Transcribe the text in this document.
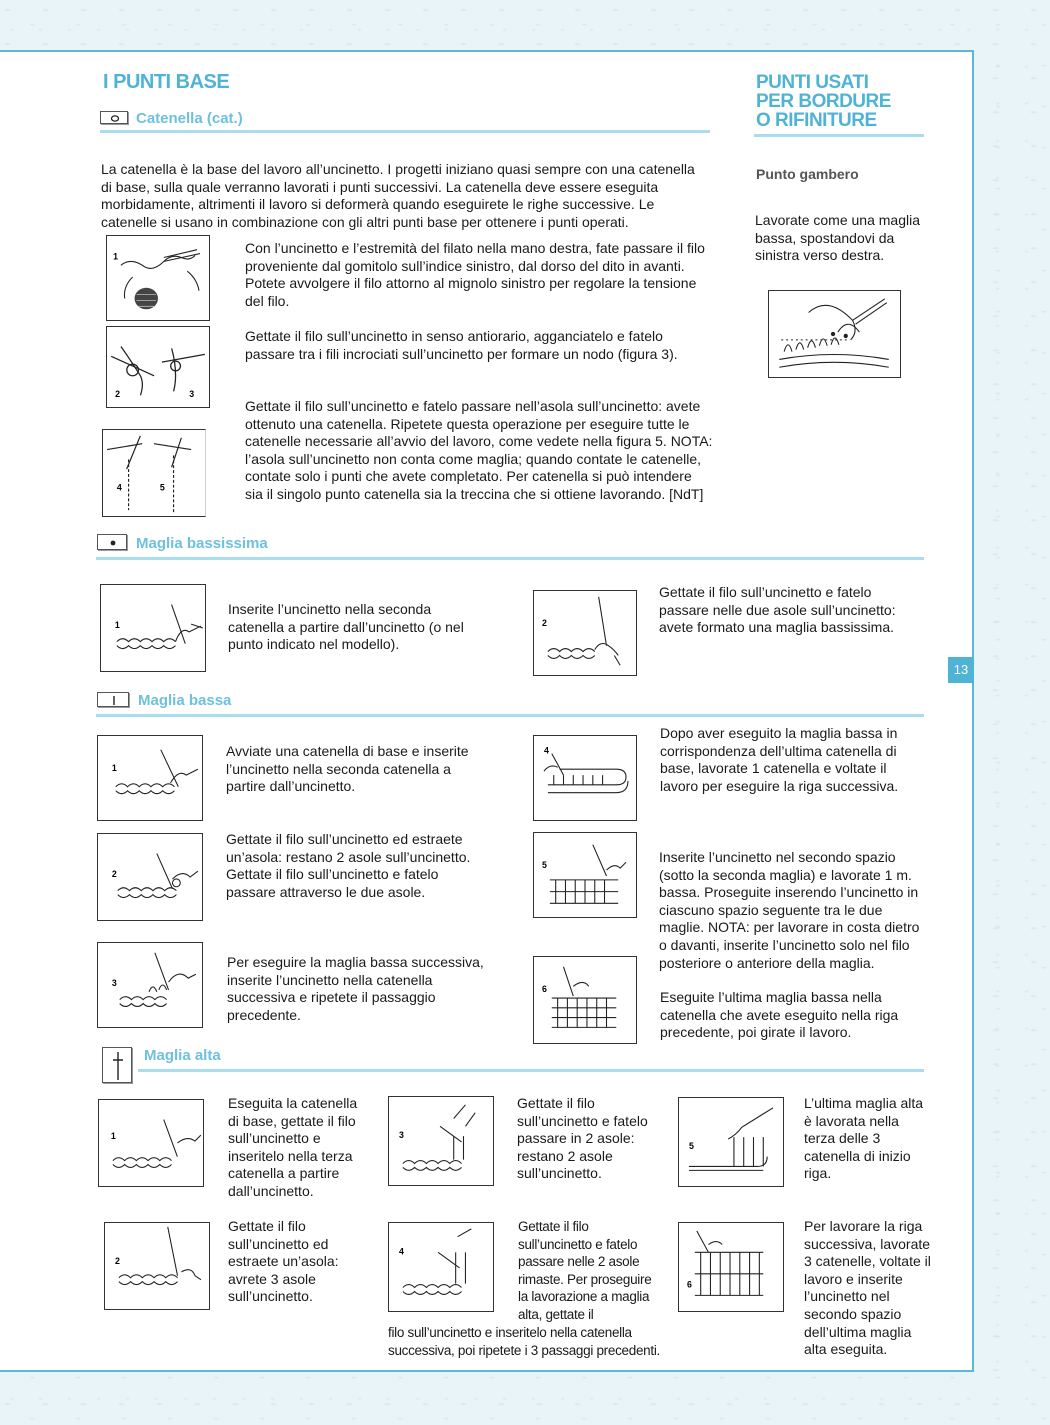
I PUNTI BASE
Catenella (cat.)
PUNTI USATI
PER BORDURE
O RIFINITURE
Punto gambero
Lavorate come una maglia bassa, spostandovi da sinistra verso destra.
La catenella è la base del lavoro all’uncinetto. I progetti iniziano quasi sempre con una catenella di base, sulla quale verranno lavorati i punti successivi. La catenella deve essere eseguita morbidamente, altrimenti il lavoro si deformerà quando eseguirete le righe successive. Le catenelle si usano in combinazione con gli altri punti base per ottenere i punti operati.
1
Con l’uncinetto e l’estremità del filato nella mano destra, fate passare il filo proveniente dal gomitolo sull’indice sinistro, dal dorso del dito in avanti. Potete avvolgere il filo attorno al mignolo sinistro per regolare la tensione del filo.
2	3
Gettate il filo sull’uncinetto in senso antiorario, agganciatelo e fatelo passare tra i fili incrociati sull’uncinetto per formare un nodo (figura 3).
4	5
Gettate il filo sull’uncinetto e fatelo passare nell’asola sull’uncinetto: avete ottenuto una catenella. Ripetete questa operazione per eseguire tutte le catenelle necessarie all’avvio del lavoro, come vedete nella figura 5. NOTA: l’asola sull’uncinetto non conta come maglia; quando contate le catenelle, contate solo i punti che avete completato. Per catenella si può intendere sia il singolo punto catenella sia la treccina che si ottiene lavorando. [NdT]
Maglia bassissima
1
Inserite l’uncinetto nella seconda catenella a partire dall’uncinetto (o nel punto indicato nel modello).
2
Gettate il filo sull’uncinetto e fatelo passare nelle due asole sull’uncinetto: avete formato una maglia bassissima.
Maglia bassa
1
Avviate una catenella di base e inserite l’uncinetto nella seconda catenella a partire dall’uncinetto.
2
Gettate il filo sull’uncinetto ed estraete un’asola: restano 2 asole sull’uncinetto. Gettate il filo sull’uncinetto e fatelo passare attraverso le due asole.
3
Per eseguire la maglia bassa successiva, inserite l’uncinetto nella catenella successiva e ripetete il passaggio precedente.
4
Dopo aver eseguito la maglia bassa in corrispondenza dell’ultima catenella di base, lavorate 1 catenella e voltate il lavoro per eseguire la riga successiva.
5
Inserite l’uncinetto nel secondo spazio (sotto la seconda maglia) e lavorate 1 m. bassa. Proseguite inserendo l’uncinetto in ciascuno spazio seguente tra le due maglie. NOTA: per lavorare in costa dietro o davanti, inserite l’uncinetto solo nel filo posteriore o anteriore della maglia.
6	Eseguite l’ultima maglia bassa nella catenella che avete eseguito nella riga precedente, poi girate il lavoro.
Maglia alta
1
Eseguita la catenella di base, gettate il filo sull’uncinetto e inseritelo nella terza catenella a partire dall’uncinetto.
2
Gettate il filo sull’uncinetto ed estraete un’asola: avrete 3 asole sull’uncinetto.
3
Gettate il filo sull’uncinetto e fatelo passare in 2 asole: restano 2 asole sull’uncinetto.
4
Gettate il filo sull’uncinetto e fatelo passare nelle 2 asole rimaste. Per proseguire la lavorazione a maglia alta, gettate il
filo sull’uncinetto e inseritelo nella catenella successiva, poi ripetete i 3 passaggi precedenti.
5
L’ultima maglia alta è lavorata nella terza delle 3 catenella di inizio riga.
6
Per lavorare la riga successiva, lavorate 3 catenelle, voltate il lavoro e inserite l’uncinetto nel secondo spazio dell’ultima maglia alta eseguita.
13
